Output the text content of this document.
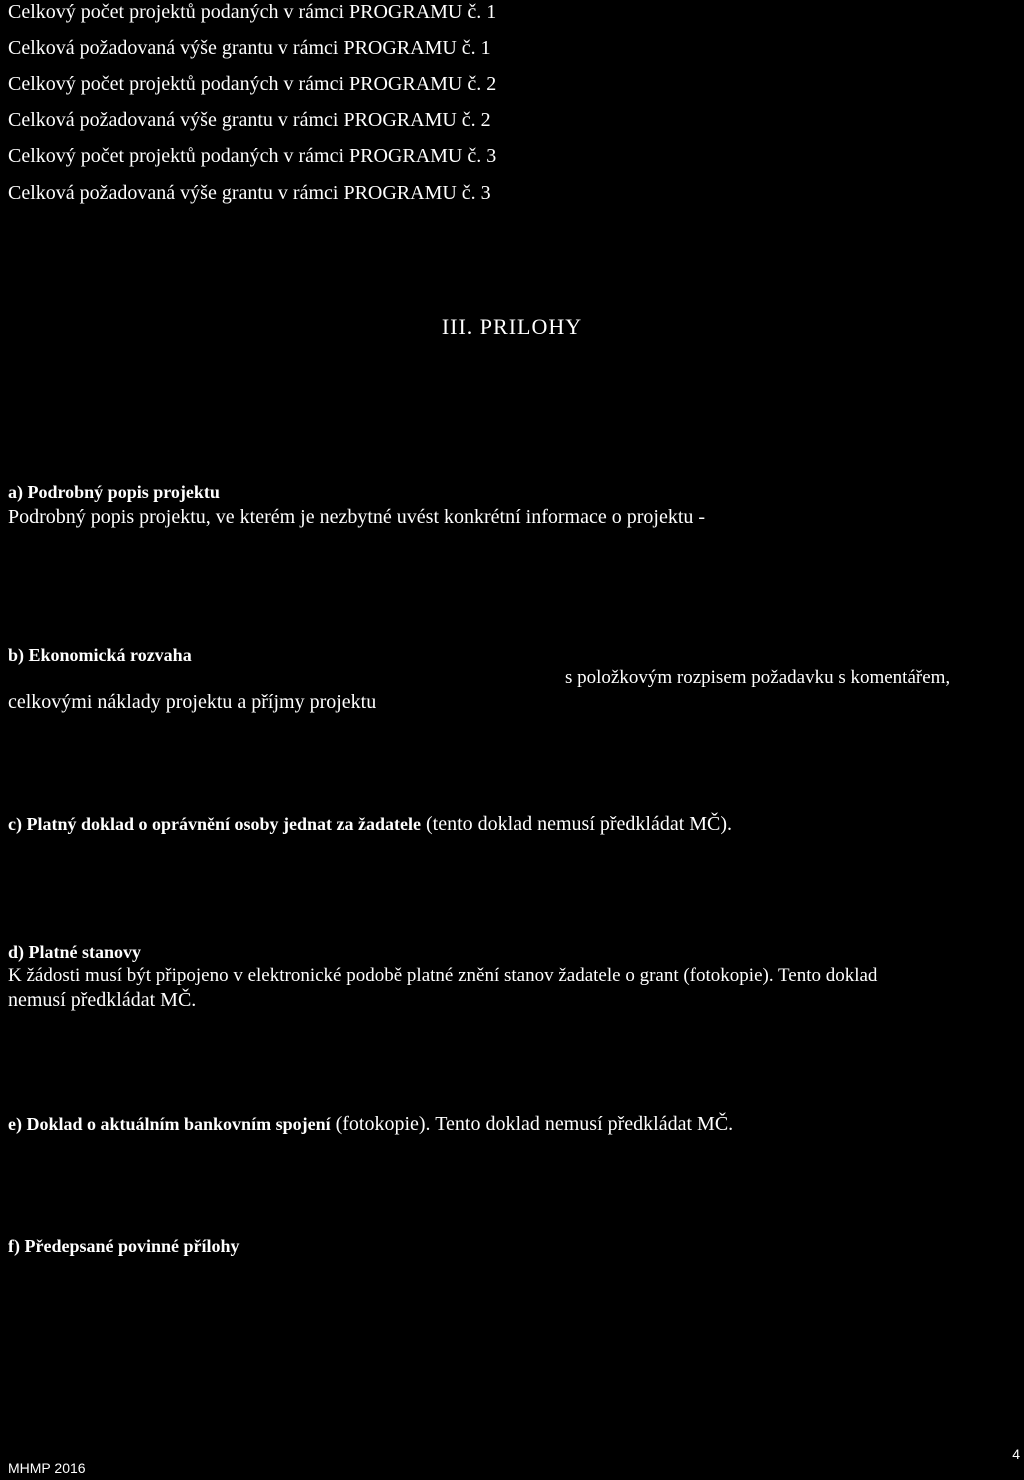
Celkový počet projektů podaných v rámci PROGRAMU č. 1
Celková požadovaná výše grantu v rámci PROGRAMU č. 1
Celkový počet projektů podaných v rámci PROGRAMU č. 2
Celková požadovaná výše grantu v rámci PROGRAMU č. 2
Celkový počet projektů podaných v rámci PROGRAMU č. 3
Celková požadovaná výše grantu v rámci PROGRAMU č. 3
III. PRILOHY
a) Podrobný popis projektu
Podrobný popis projektu, ve kterém je nezbytné uvést konkrétní informace o projektu -
b) Ekonomická rozvaha
s položkovým rozpisem požadavku s komentářem,
celkovými náklady projektu a příjmy projektu
c) Platný doklad o oprávnění osoby jednat za žadatele (tento doklad nemusí předkládat MČ).
d) Platné stanovy
K žádosti musí být připojeno v elektronické podobě platné znění stanov žadatele o grant (fotokopie). Tento doklad
nemusí předkládat MČ.
e) Doklad o aktuálním bankovním spojení (fotokopie). Tento doklad nemusí předkládat MČ.
f) Předepsané povinné přílohy
MHMP 2016
4
